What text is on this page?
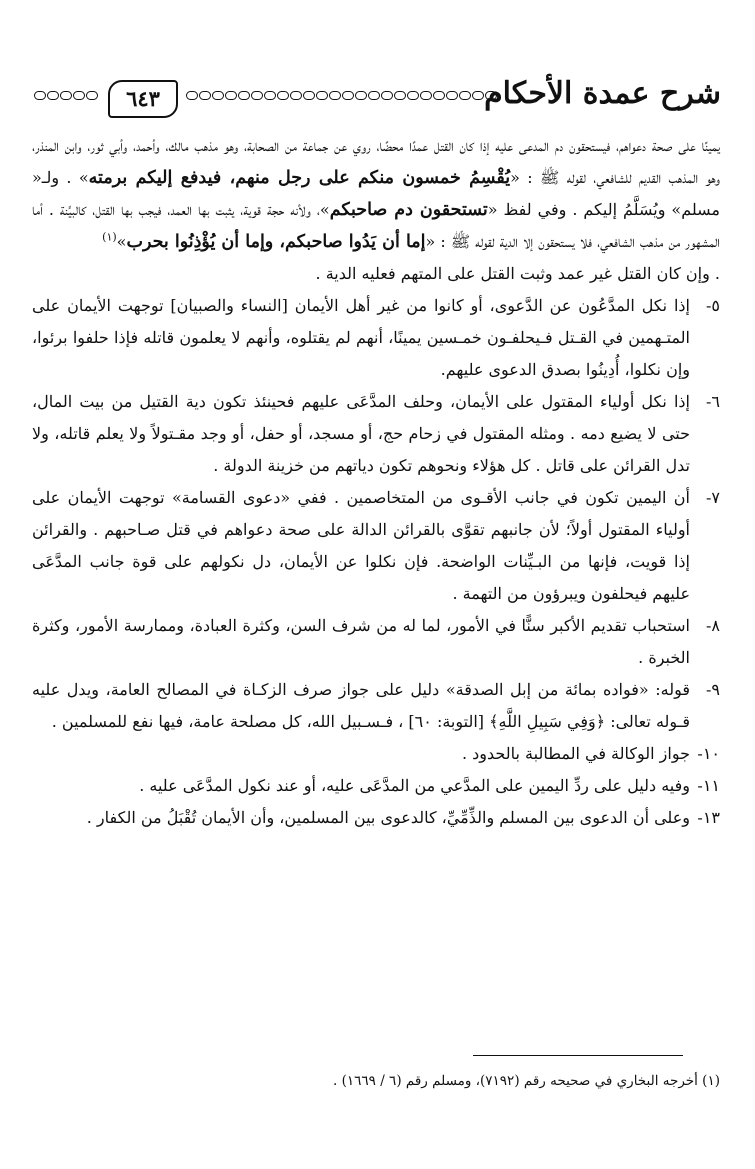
شرح عمدة الأحكام
٦٤٣

يمينًا على صحة دعواهم، فيستحقون دم المدعى عليه إذا كان القتل عمدًا محضًا، روي عن جماعة من الصحابة، وهو مذهب مالك، وأحمد، وأبي ثور، وابن المنذر، وهو المذهب القديم للشافعي، لقوله ﷺ : «يُقْسِمُ خمسون منكم على رجل منهم، فيدفع إليكم برمته» . ولـ« مسلم» ويُسَلَّمُ إليكم . وفي لفظ «تستحقون دم صاحبكم»، ولأنه حجة قوية، يثبت بها العمد، فيجب بها القتل، كالبيِّنة . أما المشهور من مذهب الشافعي، فلا يستحقون إلا الدية لقوله ﷺ : «إما أن يَدُوا صاحبكم، وإما أن يُؤْذِنُوا بحرب»$^{(١)}$

. وإن كان القتل غير عمد وثبت القتل على المتهم فعليه الدية .

٥-
إذا نكل المدَّعُون عن الدَّعوى، أو كانوا من غير أهل الأيمان [النساء والصبيان] توجهت الأيمان على المتـهمين في القـتل فـيحلفـون خمـسين يمينًا، أنهم لم يقتلوه، وأنهم لا يعلمون قاتله فإذا حلفوا برئوا، وإن نكلوا، أُدِينُوا بصدق الدعوى عليهم.

٦-
إذا نكل أولياء المقتول على الأيمان، وحلف المدَّعَى عليهم فحينئذ تكون دية القتيل من بيت المال، حتى لا يضيع دمه . ومثله المقتول في زحام حج، أو مسجد، أو حفل، أو وجد مقـتولاً ولا يعلم قاتله، ولا تدل القرائن على قاتل . كل هؤلاء ونحوهم تكون دياتهم من خزينة الدولة .

٧-
أن اليمين تكون في جانب الأقـوى من المتخاصمين . ففي «دعوى القسامة» توجهت الأيمان على أولياء المقتول أولاً؛ لأن جانبهم تقوَّى بالقرائن الدالة على صحة دعواهم في قتل صـاحبهم . والقرائن إذا قويت، فإنها من البـيِّنات الواضحة. فإن نكلوا عن الأيمان، دل نكولهم على قوة جانب المدَّعَى عليهم فيحلفون ويبرؤون من التهمة .

٨-
استحباب تقديم الأكبر سنًّا في الأمور، لما له من شرف السن، وكثرة العبادة، وممارسة الأمور، وكثرة الخبرة .

٩-
قوله: «فواده بمائة من إبل الصدقة» دليل على جواز صرف الزكـاة في المصالح العامة، ويدل عليه قـوله تعالى: ﴿وَفِي سَبِيلِ اللَّهِ﴾ [التوبة: ٦٠] ، فـسـبيل الله، كل مصلحة عامة، فيها نفع للمسلمين .

١٠-
جواز الوكالة في المطالبة بالحدود .

١١-
وفيه دليل على ردِّ اليمين على المدَّعي من المدَّعَى عليه، أو عند نكول المدَّعَى عليه .

١٣-
وعلى أن الدعوى بين المسلم والذِّمِّيِّ، كالدعوى بين المسلمين، وأن الأيمان تُقْبَلُ من الكفار .

(١) أخرجه البخاري في صحيحه رقم (٧١٩٢)، ومسلم رقم (٦ / ١٦٦٩) .
